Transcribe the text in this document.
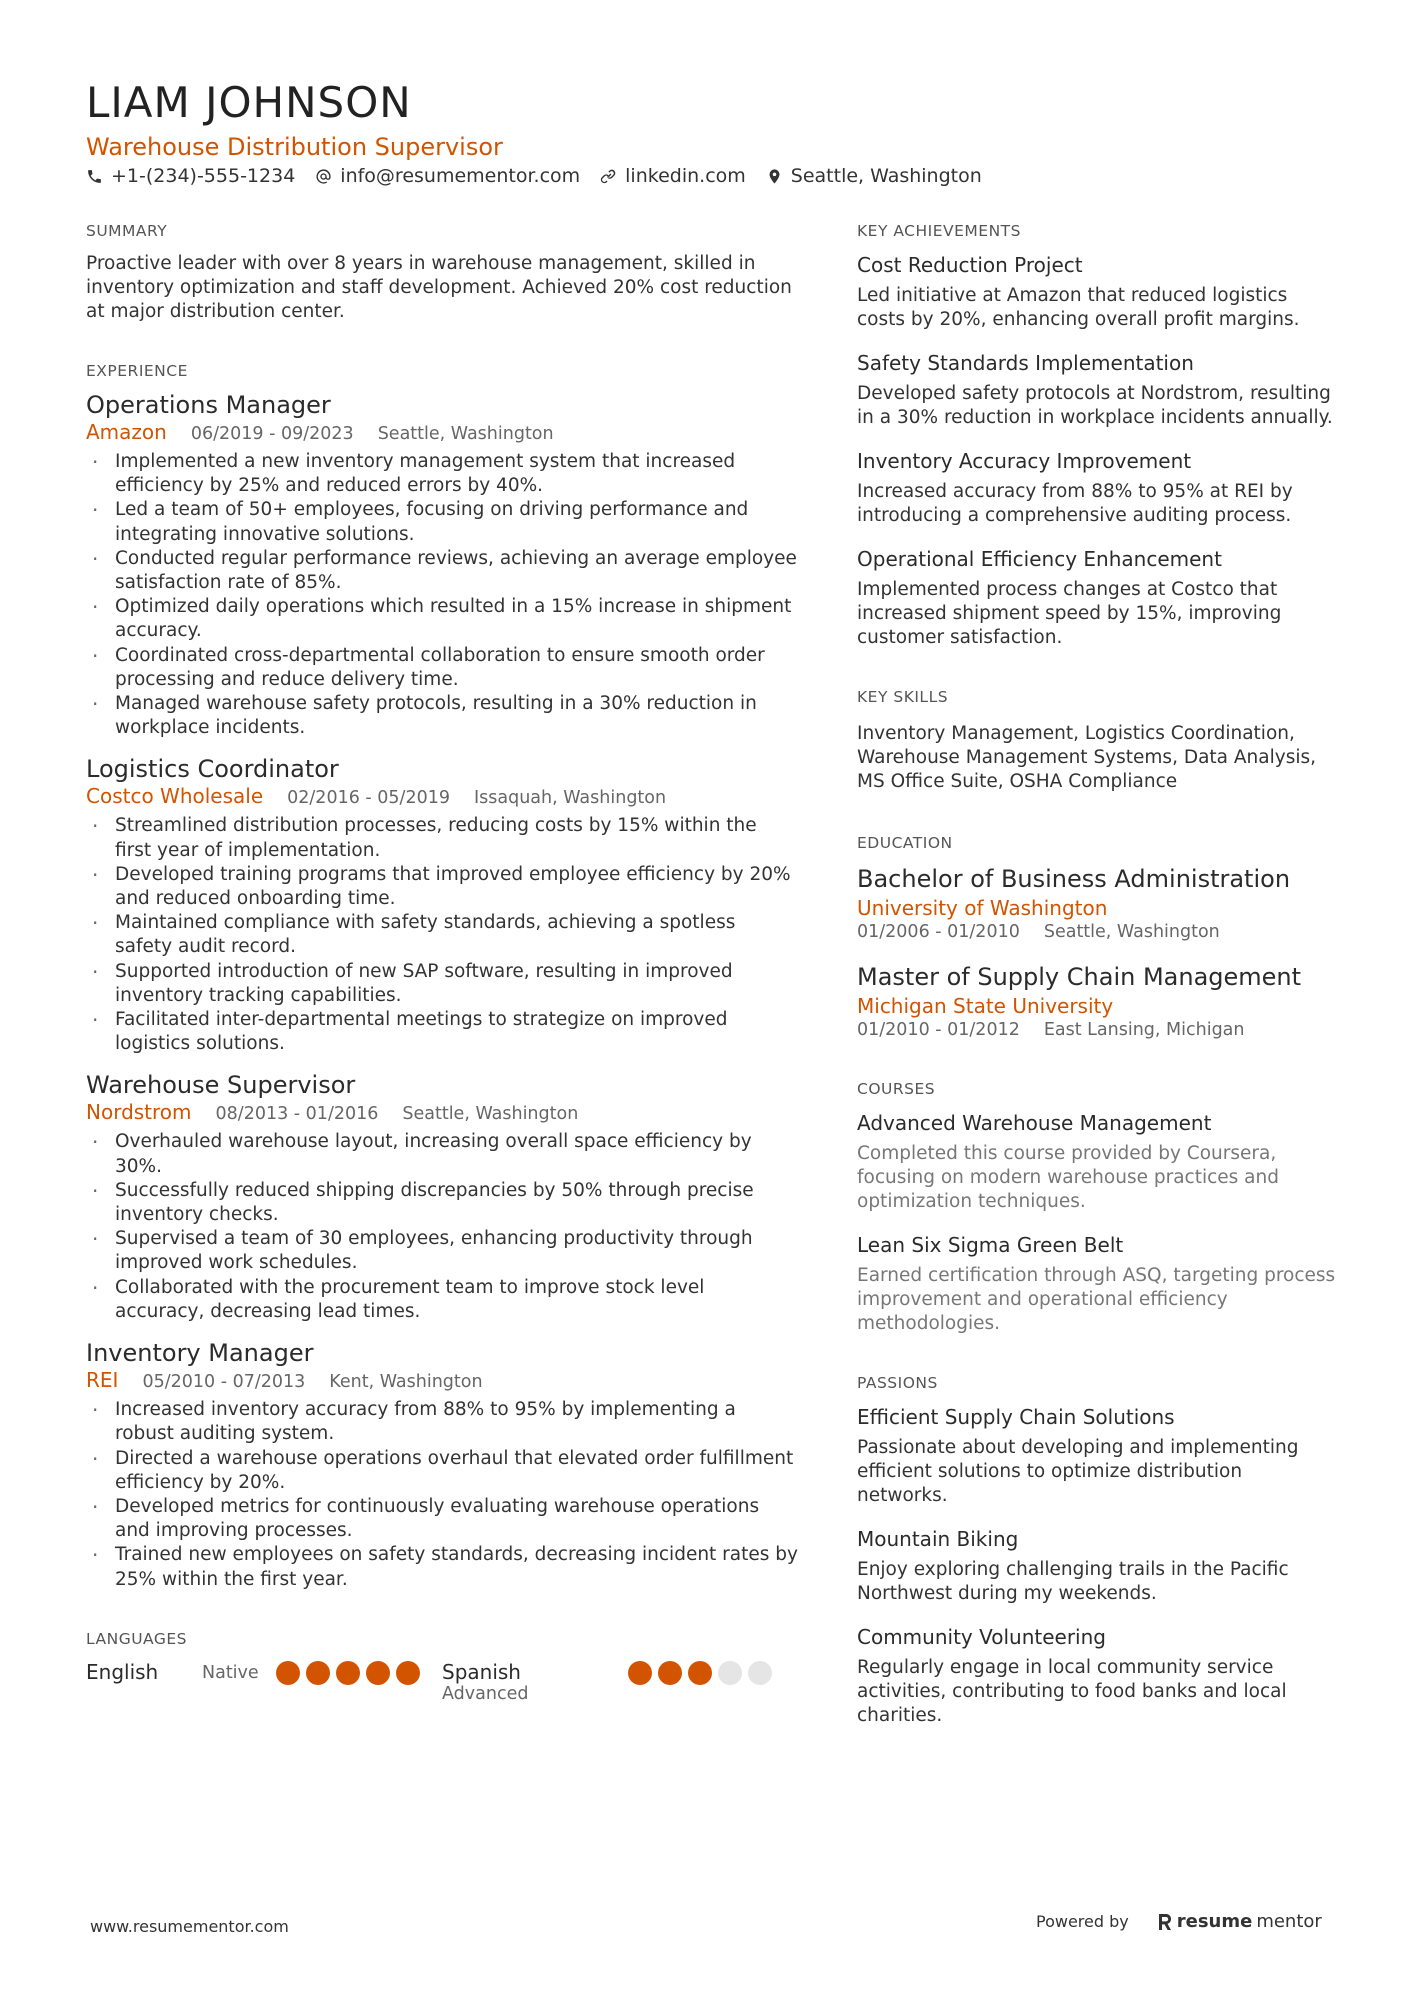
LIAM JOHNSON
Warehouse Distribution Supervisor
+1-(234)-555-1234 info@resumementor.com linkedin.com Seattle, Washington
SUMMARY

Proactive leader with over 8 years in warehouse management, skilled in inventory optimization and staff development. Achieved 20% cost reduction at major distribution center.

EXPERIENCE
Operations Manager
Amazon 06/2019 - 09/2023 Seattle, Washington
· Implemented a new inventory management system that increased efficiency by 25% and reduced errors by 40%.
· Led a team of 50+ employees, focusing on driving performance and integrating innovative solutions.
· Conducted regular performance reviews, achieving an average employee satisfaction rate of 85%.
· Optimized daily operations which resulted in a 15% increase in shipment accuracy.
· Coordinated cross-departmental collaboration to ensure smooth order processing and reduce delivery time.
· Managed warehouse safety protocols, resulting in a 30% reduction in workplace incidents.
Logistics Coordinator
Costco Wholesale 02/2016 - 05/2019 Issaquah, Washington
· Streamlined distribution processes, reducing costs by 15% within the first year of implementation.
· Developed training programs that improved employee efficiency by 20% and reduced onboarding time.
· Maintained compliance with safety standards, achieving a spotless safety audit record.
· Supported introduction of new SAP software, resulting in improved inventory tracking capabilities.
· Facilitated inter-departmental meetings to strategize on improved logistics solutions.
Warehouse Supervisor
Nordstrom 08/2013 - 01/2016 Seattle, Washington
· Overhauled warehouse layout, increasing overall space efficiency by 30%.
· Successfully reduced shipping discrepancies by 50% through precise inventory checks.
· Supervised a team of 30 employees, enhancing productivity through improved work schedules.
· Collaborated with the procurement team to improve stock level accuracy, decreasing lead times.
Inventory Manager
REI 05/2010 - 07/2013 Kent, Washington
· Increased inventory accuracy from 88% to 95% by implementing a robust auditing system.
· Directed a warehouse operations overhaul that elevated order fulfillment efficiency by 20%.
· Developed metrics for continuously evaluating warehouse operations and improving processes.
· Trained new employees on safety standards, decreasing incident rates by 25% within the first year.
LANGUAGES
English	Native	Spanish
Advanced
KEY ACHIEVEMENTS
Cost Reduction Project

Led initiative at Amazon that reduced logistics costs by 20%, enhancing overall profit margins.

Safety Standards Implementation

Developed safety protocols at Nordstrom, resulting in a 30% reduction in workplace incidents annually.

Inventory Accuracy Improvement

Increased accuracy from 88% to 95% at REI by introducing a comprehensive auditing process.

Operational Efficiency Enhancement

Implemented process changes at Costco that increased shipment speed by 15%, improving customer satisfaction.

KEY SKILLS

Inventory Management, Logistics Coordination, Warehouse Management Systems, Data Analysis, MS Office Suite, OSHA Compliance

EDUCATION
Bachelor of Business Administration
University of Washington
01/2006 - 01/2010 Seattle, Washington
Master of Supply Chain Management
Michigan State University
01/2010 - 01/2012 East Lansing, Michigan
COURSES
Advanced Warehouse Management

Completed this course provided by Coursera, focusing on modern warehouse practices and optimization techniques.

Lean Six Sigma Green Belt

Earned certification through ASQ, targeting process improvement and operational efficiency methodologies.

PASSIONS
Efficient Supply Chain Solutions

Passionate about developing and implementing efficient solutions to optimize distribution networks.

Mountain Biking

Enjoy exploring challenging trails in the Pacific Northwest during my weekends.

Community Volunteering

Regularly engage in local community service activities, contributing to food banks and local charities.

www.resumementor.com	Powered by	resume mentor
